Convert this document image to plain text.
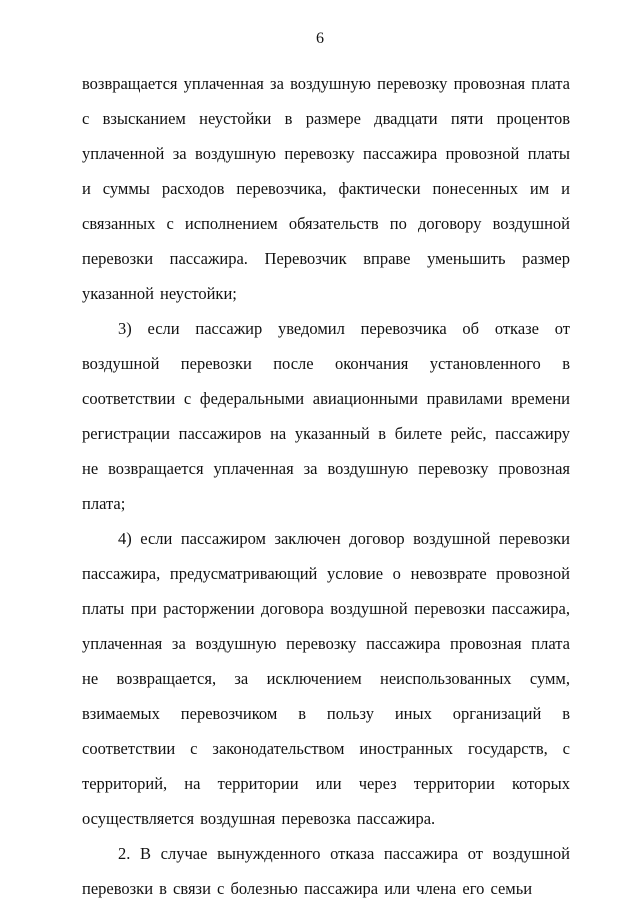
6

возвращается уплаченная за воздушную перевозку провозная плата с взысканием неустойки в размере двадцати пяти процентов уплаченной за воздушную перевозку пассажира провозной платы и суммы расходов перевозчика, фактически понесенных им и связанных с исполнением обязательств по договору воздушной перевозки пассажира. Перевозчик вправе уменьшить размер указанной неустойки;

3) если пассажир уведомил перевозчика об отказе от воздушной перевозки после окончания установленного в соответствии с федеральными авиационными правилами времени регистрации пассажиров на указанный в билете рейс, пассажиру не возвращается уплаченная за воздушную перевозку провозная плата;

4) если пассажиром заключен договор воздушной перевозки пассажира, предусматривающий условие о невозврате провозной платы при расторжении договора воздушной перевозки пассажира, уплаченная за воздушную перевозку пассажира провозная плата не возвращается, за исключением неиспользованных сумм, взимаемых перевозчиком в пользу иных организаций в соответствии с законодательством иностранных государств, с территорий, на территории или через территории которых осуществляется воздушная перевозка пассажира.

2. В случае вынужденного отказа пассажира от воздушной перевозки в связи с болезнью пассажира или члена его семьи
